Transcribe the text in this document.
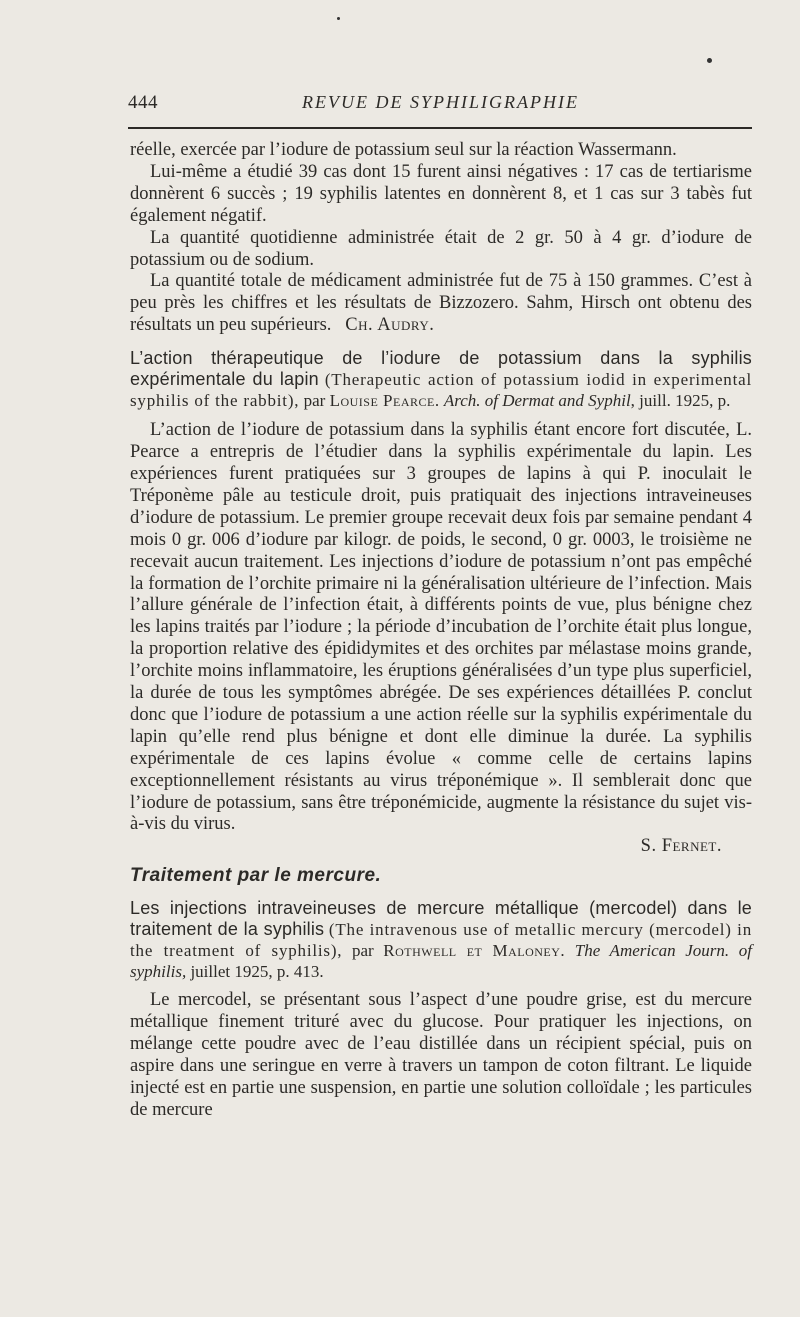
444	REVUE DE SYPHILIGRAPHIE

réelle, exercée par l’iodure de potassium seul sur la réaction Wassermann.

Lui-même a étudié 39 cas dont 15 furent ainsi négatives : 17 cas de tertiarisme donnèrent 6 succès ; 19 syphilis latentes en donnèrent 8, et 1 cas sur 3 tabès fut également négatif.

La quantité quotidienne administrée était de 2 gr. 50 à 4 gr. d’iodure de potassium ou de sodium.

La quantité totale de médicament administrée fut de 75 à 150 grammes. C’est à peu près les chiffres et les résultats de Bizzozero. Sahm, Hirsch ont obtenu des résultats un peu supérieurs. Ch. Audry.

L’action thérapeutique de l’iodure de potassium dans la syphilis expérimentale du lapin (Therapeutic action of potassium iodid in experimental syphilis of the rabbit), par Louise Pearce. Arch. of Dermat and Syphil, juill. 1925, p.

L’action de l’iodure de potassium dans la syphilis étant encore fort discutée, L. Pearce a entrepris de l’étudier dans la syphilis expérimentale du lapin. Les expériences furent pratiquées sur 3 groupes de lapins à qui P. inoculait le Tréponème pâle au testicule droit, puis pratiquait des injections intraveineuses d’iodure de potassium. Le premier groupe recevait deux fois par semaine pendant 4 mois 0 gr. 006 d’iodure par kilogr. de poids, le second, 0 gr. 0003, le troisième ne recevait aucun traitement. Les injections d’iodure de potassium n’ont pas empêché la formation de l’orchite primaire ni la généralisation ultérieure de l’infection. Mais l’allure générale de l’infection était, à différents points de vue, plus bénigne chez les lapins traités par l’iodure ; la période d’incubation de l’orchite était plus longue, la proportion relative des épididymites et des orchites par mélastase moins grande, l’orchite moins inflammatoire, les éruptions généralisées d’un type plus superficiel, la durée de tous les symptômes abrégée. De ses expériences détaillées P. conclut donc que l’iodure de potassium a une action réelle sur la syphilis expérimentale du lapin qu’elle rend plus bénigne et dont elle diminue la durée. La syphilis expérimentale de ces lapins évolue « comme celle de certains lapins exceptionnellement résistants au virus tréponémique ». Il semblerait donc que l’iodure de potassium, sans être tréponémicide, augmente la résistance du sujet vis-à-vis du virus.

S. Fernet.

Traitement par le mercure.
Les injections intraveineuses de mercure métallique (mercodel) dans le traitement de la syphilis (The intravenous use of metallic mercury (mercodel) in the treatment of syphilis), par Rothwell et Maloney. The American Journ. of syphilis, juillet 1925, p. 413.

Le mercodel, se présentant sous l’aspect d’une poudre grise, est du mercure métallique finement trituré avec du glucose. Pour pratiquer les injections, on mélange cette poudre avec de l’eau distillée dans un récipient spécial, puis on aspire dans une seringue en verre à travers un tampon de coton filtrant. Le liquide injecté est en partie une suspension, en partie une solution colloïdale ; les particules de mercure
